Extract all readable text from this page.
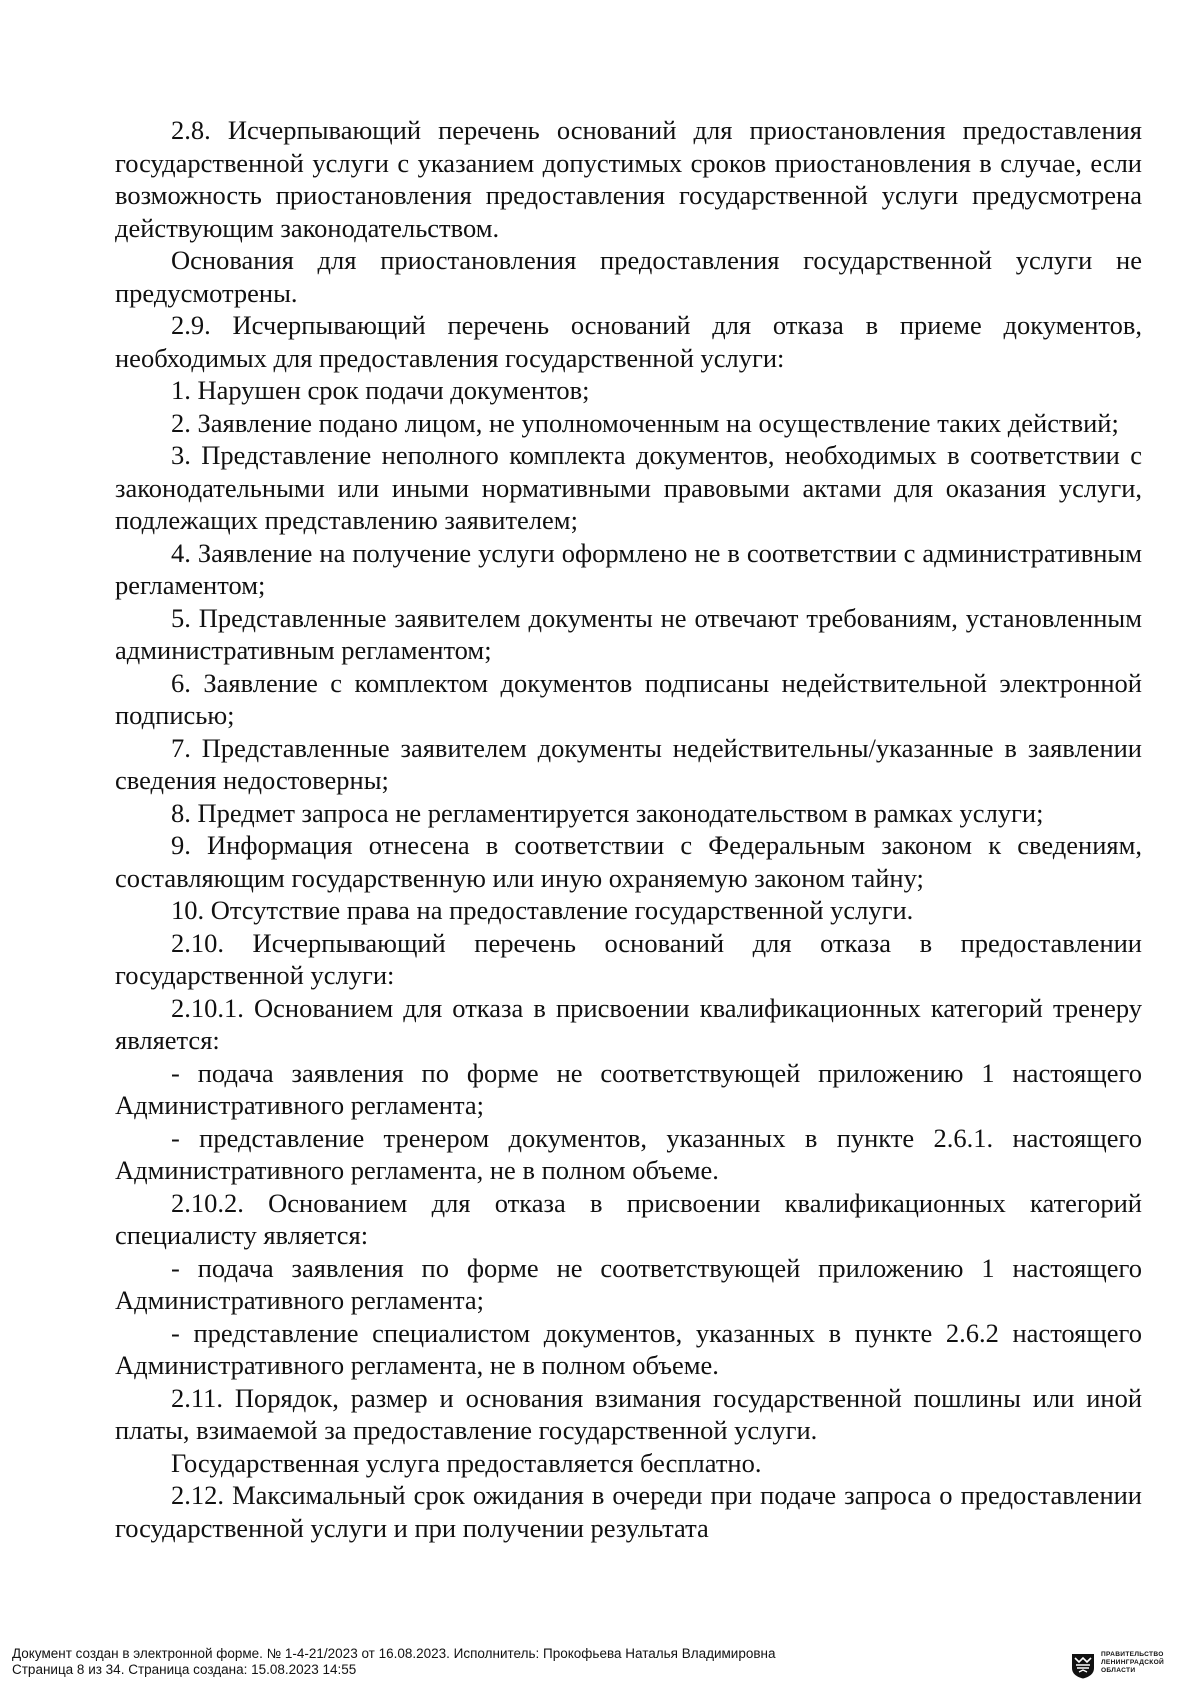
2.8. Исчерпывающий перечень оснований для приостановления предоставления государственной услуги с указанием допустимых сроков приостановления в случае, если возможность приостановления предоставления государственной услуги предусмотрена действующим законодательством.

Основания для приостановления предоставления государственной услуги не предусмотрены.

2.9. Исчерпывающий перечень оснований для отказа в приеме документов, необходимых для предоставления государственной услуги:

1. Нарушен срок подачи документов;

2. Заявление подано лицом, не уполномоченным на осуществление таких действий;

3. Представление неполного комплекта документов, необходимых в соответствии с законодательными или иными нормативными правовыми актами для оказания услуги, подлежащих представлению заявителем;

4. Заявление на получение услуги оформлено не в соответствии с административным регламентом;

5. Представленные заявителем документы не отвечают требованиям, установленным административным регламентом;

6. Заявление с комплектом документов подписаны недействительной электронной подписью;

7. Представленные заявителем документы недействительны/указанные в заявлении сведения недостоверны;

8. Предмет запроса не регламентируется законодательством в рамках услуги;

9. Информация отнесена в соответствии с Федеральным законом к сведениям, составляющим государственную или иную охраняемую законом тайну;

10. Отсутствие права на предоставление государственной услуги.

2.10. Исчерпывающий перечень оснований для отказа в предоставлении государственной услуги:

2.10.1. Основанием для отказа в присвоении квалификационных категорий тренеру является:

- подача заявления по форме не соответствующей приложению 1 настоящего Административного регламента;

- представление тренером документов, указанных в пункте 2.6.1. настоящего Административного регламента, не в полном объеме.

2.10.2. Основанием для отказа в присвоении квалификационных категорий специалисту является:

- подача заявления по форме не соответствующей приложению 1 настоящего Административного регламента;

- представление специалистом документов, указанных в пункте 2.6.2 настоящего Административного регламента, не в полном объеме.

2.11. Порядок, размер и основания взимания государственной пошлины или иной платы, взимаемой за предоставление государственной услуги.

Государственная услуга предоставляется бесплатно.

2.12. Максимальный срок ожидания в очереди при подаче запроса о предоставлении государственной услуги и при получении результата

Документ создан в электронной форме. № 1-4-21/2023 от 16.08.2023. Исполнитель: Прокофьева Наталья Владимировна
Страница 8 из 34. Страница создана: 15.08.2023 14:55
ПРАВИТЕЛЬСТВО
ЛЕНИНГРАДСКОЙ
ОБЛАСТИ
